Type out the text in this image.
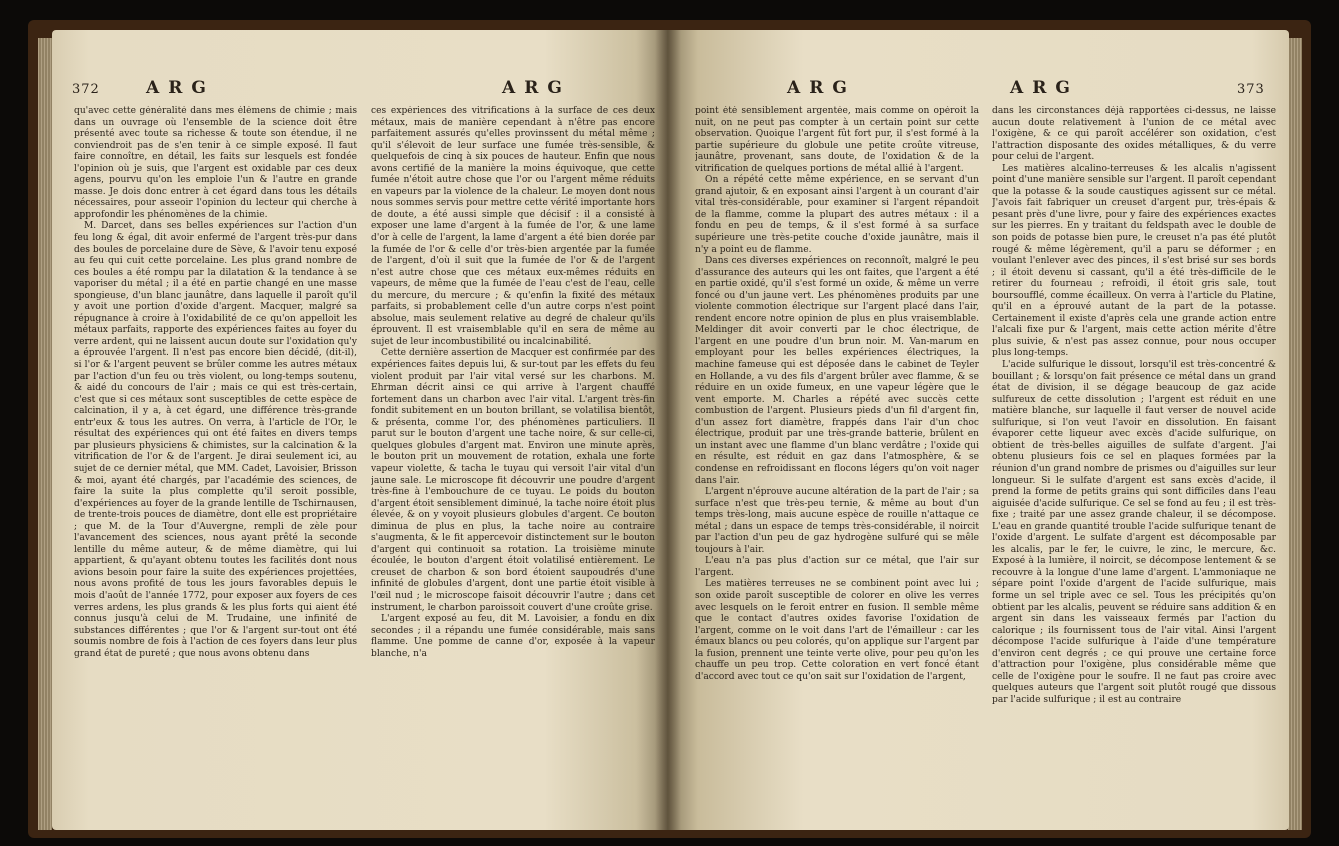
372	ARG	ARG

qu'avec cette généralité dans mes élémens de chimie ; mais dans un ouvrage où l'ensemble de la science doit être présenté avec toute sa richesse & toute son étendue, il ne conviendroit pas de s'en tenir à ce simple exposé. Il faut faire connoître, en détail, les faits sur lesquels est fondée l'opinion où je suis, que l'argent est oxidable par ces deux agens, pourvu qu'on les emploie l'un & l'autre en grande masse. Je dois donc entrer à cet égard dans tous les détails nécessaires, pour asseoir l'opinion du lecteur qui cherche à approfondir les phénomènes de la chimie.

M. Darcet, dans ses belles expériences sur l'action d'un feu long & égal, dit avoir enfermé de l'argent très-pur dans des boules de porcelaine dure de Sève, & l'avoir tenu exposé au feu qui cuit cette porcelaine. Les plus grand nombre de ces boules a été rompu par la dilatation & la tendance à se vaporiser du métal ; il a été en partie changé en une masse spongieuse, d'un blanc jaunâtre, dans laquelle il paroît qu'il y avoit une portion d'oxide d'argent. Macquer, malgré sa répugnance à croire à l'oxidabilité de ce qu'on appelloit les métaux parfaits, rapporte des expériences faites au foyer du verre ardent, qui ne laissent aucun doute sur l'oxidation qu'y a éprouvée l'argent. Il n'est pas encore bien décidé, (dit-il), si l'or & l'argent peuvent se brûler comme les autres métaux par l'action d'un feu ou très violent, ou long-temps soutenu, & aidé du concours de l'air ; mais ce qui est très-certain, c'est que si ces métaux sont susceptibles de cette espèce de calcination, il y a, à cet égard, une différence très-grande entr'eux & tous les autres. On verra, à l'article de l'Or, le résultat des expériences qui ont été faites en divers temps par plusieurs physiciens & chimistes, sur la calcination & la vitrification de l'or & de l'argent. Je dirai seulement ici, au sujet de ce dernier métal, que MM. Cadet, Lavoisier, Brisson & moi, ayant été chargés, par l'académie des sciences, de faire la suite la plus complette qu'il seroit possible, d'expériences au foyer de la grande lentille de Tschirnausen, de trente-trois pouces de diamètre, dont elle est propriétaire ; que M. de la Tour d'Auvergne, rempli de zèle pour l'avancement des sciences, nous ayant prêté la seconde lentille du même auteur, & de même diamètre, qui lui appartient, & qu'ayant obtenu toutes les facilités dont nous avions besoin pour faire la suite des expériences projettées, nous avons profité de tous les jours favorables depuis le mois d'août de l'année 1772, pour exposer aux foyers de ces verres ardens, les plus grands & les plus forts qui aient été connus jusqu'à celui de M. Trudaine, une infinité de substances différentes ; que l'or & l'argent sur-tout ont été soumis nombre de fois à l'action de ces foyers dans leur plus grand état de pureté ; que nous avons obtenu dans

ces expériences des vitrifications à la surface de ces deux métaux, mais de manière cependant à n'être pas encore parfaitement assurés qu'elles provinssent du métal même ; qu'il s'élevoit de leur surface une fumée très-sensible, & quelquefois de cinq à six pouces de hauteur. Enfin que nous avons certifié de la manière la moins équivoque, que cette fumée n'étoit autre chose que l'or ou l'argent même réduits en vapeurs par la violence de la chaleur. Le moyen dont nous nous sommes servis pour mettre cette vérité importante hors de doute, a été aussi simple que décisif : il a consisté à exposer une lame d'argent à la fumée de l'or, & une lame d'or à celle de l'argent, la lame d'argent a été bien dorée par la fumée de l'or & celle d'or très-bien argentée par la fumée de l'argent, d'où il suit que la fumée de l'or & de l'argent n'est autre chose que ces métaux eux-mêmes réduits en vapeurs, de même que la fumée de l'eau c'est de l'eau, celle du mercure, du mercure ; & qu'enfin la fixité des métaux parfaits, si probablement celle d'un autre corps n'est point absolue, mais seulement relative au degré de chaleur qu'ils éprouvent. Il est vraisemblable qu'il en sera de même au sujet de leur incombustibilité ou incalcinabilité.

Cette dernière assertion de Macquer est confirmée par des expériences faites depuis lui, & sur-tout par les effets du feu violent produit par l'air vital versé sur les charbons. M. Ehrman décrit ainsi ce qui arrive à l'argent chauffé fortement dans un charbon avec l'air vital. L'argent très-fin fondit subitement en un bouton brillant, se volatilisa bientôt, & présenta, comme l'or, des phénomènes particuliers. Il parut sur le bouton d'argent une tache noire, & sur celle-ci, quelques globules d'argent mat. Environ une minute après, le bouton prit un mouvement de rotation, exhala une forte vapeur violette, & tacha le tuyau qui versoit l'air vital d'un jaune sale. Le microscope fit découvrir une poudre d'argent très-fine à l'embouchure de ce tuyau. Le poids du bouton d'argent étoit sensiblement diminué, la tache noire étoit plus élevée, & on y voyoit plusieurs globules d'argent. Ce bouton diminua de plus en plus, la tache noire au contraire s'augmenta, & le fit appercevoir distinctement sur le bouton d'argent qui continuoit sa rotation. La troisième minute écoulée, le bouton d'argent étoit volatilisé entièrement. Le creuset de charbon & son bord étoient saupoudrés d'une infinité de globules d'argent, dont une partie étoit visible à l'œil nud ; le microscope faisoit découvrir l'autre ; dans cet instrument, le charbon paroissoit couvert d'une croûte grise.

L'argent exposé au feu, dit M. Lavoisier, a fondu en dix secondes ; il a répandu une fumée considérable, mais sans flamme. Une pomme de canne d'or, exposée à la vapeur blanche, n'a

ARG	ARG	373

point été sensiblement argentée, mais comme on opéroit la nuit, on ne peut pas compter à un certain point sur cette observation. Quoique l'argent fût fort pur, il s'est formé à la partie supérieure du globule une petite croûte vitreuse, jaunâtre, provenant, sans doute, de l'oxidation & de la vitrification de quelques portions de métal allié à l'argent.

On a répété cette même expérience, en se servant d'un grand ajutoir, & en exposant ainsi l'argent à un courant d'air vital très-considérable, pour examiner si l'argent répandoit de la flamme, comme la plupart des autres métaux : il a fondu en peu de temps, & il s'est formé à sa surface supérieure une très-petite couche d'oxide jaunâtre, mais il n'y a point eu de flamme.

Dans ces diverses expériences on reconnoît, malgré le peu d'assurance des auteurs qui les ont faites, que l'argent a été en partie oxidé, qu'il s'est formé un oxide, & même un verre foncé ou d'un jaune vert. Les phénomènes produits par une violente commotion électrique sur l'argent placé dans l'air, rendent encore notre opinion de plus en plus vraisemblable. Meldinger dit avoir converti par le choc électrique, de l'argent en une poudre d'un brun noir. M. Van-marum en employant pour les belles expériences électriques, la machine fameuse qui est déposée dans le cabinet de Teyler en Hollande, a vu des fils d'argent brûler avec flamme, & se réduire en un oxide fumeux, en une vapeur légère que le vent emporte. M. Charles a répété avec succès cette combustion de l'argent. Plusieurs pieds d'un fil d'argent fin, d'un assez fort diamètre, frappés dans l'air d'un choc électrique, produit par une très-grande batterie, brûlent en un instant avec une flamme d'un blanc verdâtre ; l'oxide qui en résulte, est réduit en gaz dans l'atmosphère, & se condense en refroidissant en flocons légers qu'on voit nager dans l'air.

L'argent n'éprouve aucune altération de la part de l'air ; sa surface n'est que très-peu ternie, & même au bout d'un temps très-long, mais aucune espèce de rouille n'attaque ce métal ; dans un espace de temps très-considérable, il noircit par l'action d'un peu de gaz hydrogène sulfuré qui se mêle toujours à l'air.

L'eau n'a pas plus d'action sur ce métal, que l'air sur l'argent.

Les matières terreuses ne se combinent point avec lui ; son oxide paroît susceptible de colorer en olive les verres avec lesquels on le feroit entrer en fusion. Il semble même que le contact d'autres oxides favorise l'oxidation de l'argent, comme on le voit dans l'art de l'émailleur : car les émaux blancs ou peu colorés, qu'on applique sur l'argent par la fusion, prennent une teinte verte olive, pour peu qu'on les chauffe un peu trop. Cette coloration en vert foncé étant d'accord avec tout ce qu'on sait sur l'oxidation de l'argent,

dans les circonstances déjà rapportées ci-dessus, ne laisse aucun doute relativement à l'union de ce métal avec l'oxigène, & ce qui paroît accélérer son oxidation, c'est l'attraction disposante des oxides métalliques, & du verre pour celui de l'argent.

Les matières alcalino-terreuses & les alcalis n'agissent point d'une manière sensible sur l'argent. Il paroît cependant que la potasse & la soude caustiques agissent sur ce métal. J'avois fait fabriquer un creuset d'argent pur, très-épais & pesant près d'une livre, pour y faire des expériences exactes sur les pierres. En y traitant du feldspath avec le double de son poids de potasse bien pure, le creuset n'a pas été plutôt rougé & même légèrement, qu'il a paru se déformer ; en voulant l'enlever avec des pinces, il s'est brisé sur ses bords ; il étoit devenu si cassant, qu'il a été très-difficile de le retirer du fourneau ; refroidi, il étoit gris sale, tout boursoufflé, comme écailleux. On verra à l'article du Platine, qu'il en a éprouvé autant de la part de la potasse. Certainement il existe d'après cela une grande action entre l'alcali fixe pur & l'argent, mais cette action mérite d'être plus suivie, & n'est pas assez connue, pour nous occuper plus long-temps.

L'acide sulfurique le dissout, lorsqu'il est très-concentré & bouillant ; & lorsqu'on fait présence ce métal dans un grand état de division, il se dégage beaucoup de gaz acide sulfureux de cette dissolution ; l'argent est réduit en une matière blanche, sur laquelle il faut verser de nouvel acide sulfurique, si l'on veut l'avoir en dissolution. En faisant évaporer cette liqueur avec excès d'acide sulfurique, on obtient de très-belles aiguilles de sulfate d'argent. J'ai obtenu plusieurs fois ce sel en plaques formées par la réunion d'un grand nombre de prismes ou d'aiguilles sur leur longueur. Si le sulfate d'argent est sans excès d'acide, il prend la forme de petits grains qui sont difficiles dans l'eau aiguisée d'acide sulfurique. Ce sel se fond au feu ; il est très-fixe ; traité par une assez grande chaleur, il se décompose. L'eau en grande quantité trouble l'acide sulfurique tenant de l'oxide d'argent. Le sulfate d'argent est décomposable par les alcalis, par le fer, le cuivre, le zinc, le mercure, &c. Exposé à la lumière, il noircit, se décompose lentement & se recouvre à la longue d'une lame d'argent. L'ammoniaque ne sépare point l'oxide d'argent de l'acide sulfurique, mais forme un sel triple avec ce sel. Tous les précipités qu'on obtient par les alcalis, peuvent se réduire sans addition & en argent sin dans les vaisseaux fermés par l'action du calorique ; ils fournissent tous de l'air vital. Ainsi l'argent décompose l'acide sulfurique à l'aide d'une température d'environ cent degrés ; ce qui prouve une certaine force d'attraction pour l'oxigène, plus considérable même que celle de l'oxigène pour le soufre. Il ne faut pas croire avec quelques auteurs que l'argent soit plutôt rougé que dissous par l'acide sulfurique ; il est au contraire
